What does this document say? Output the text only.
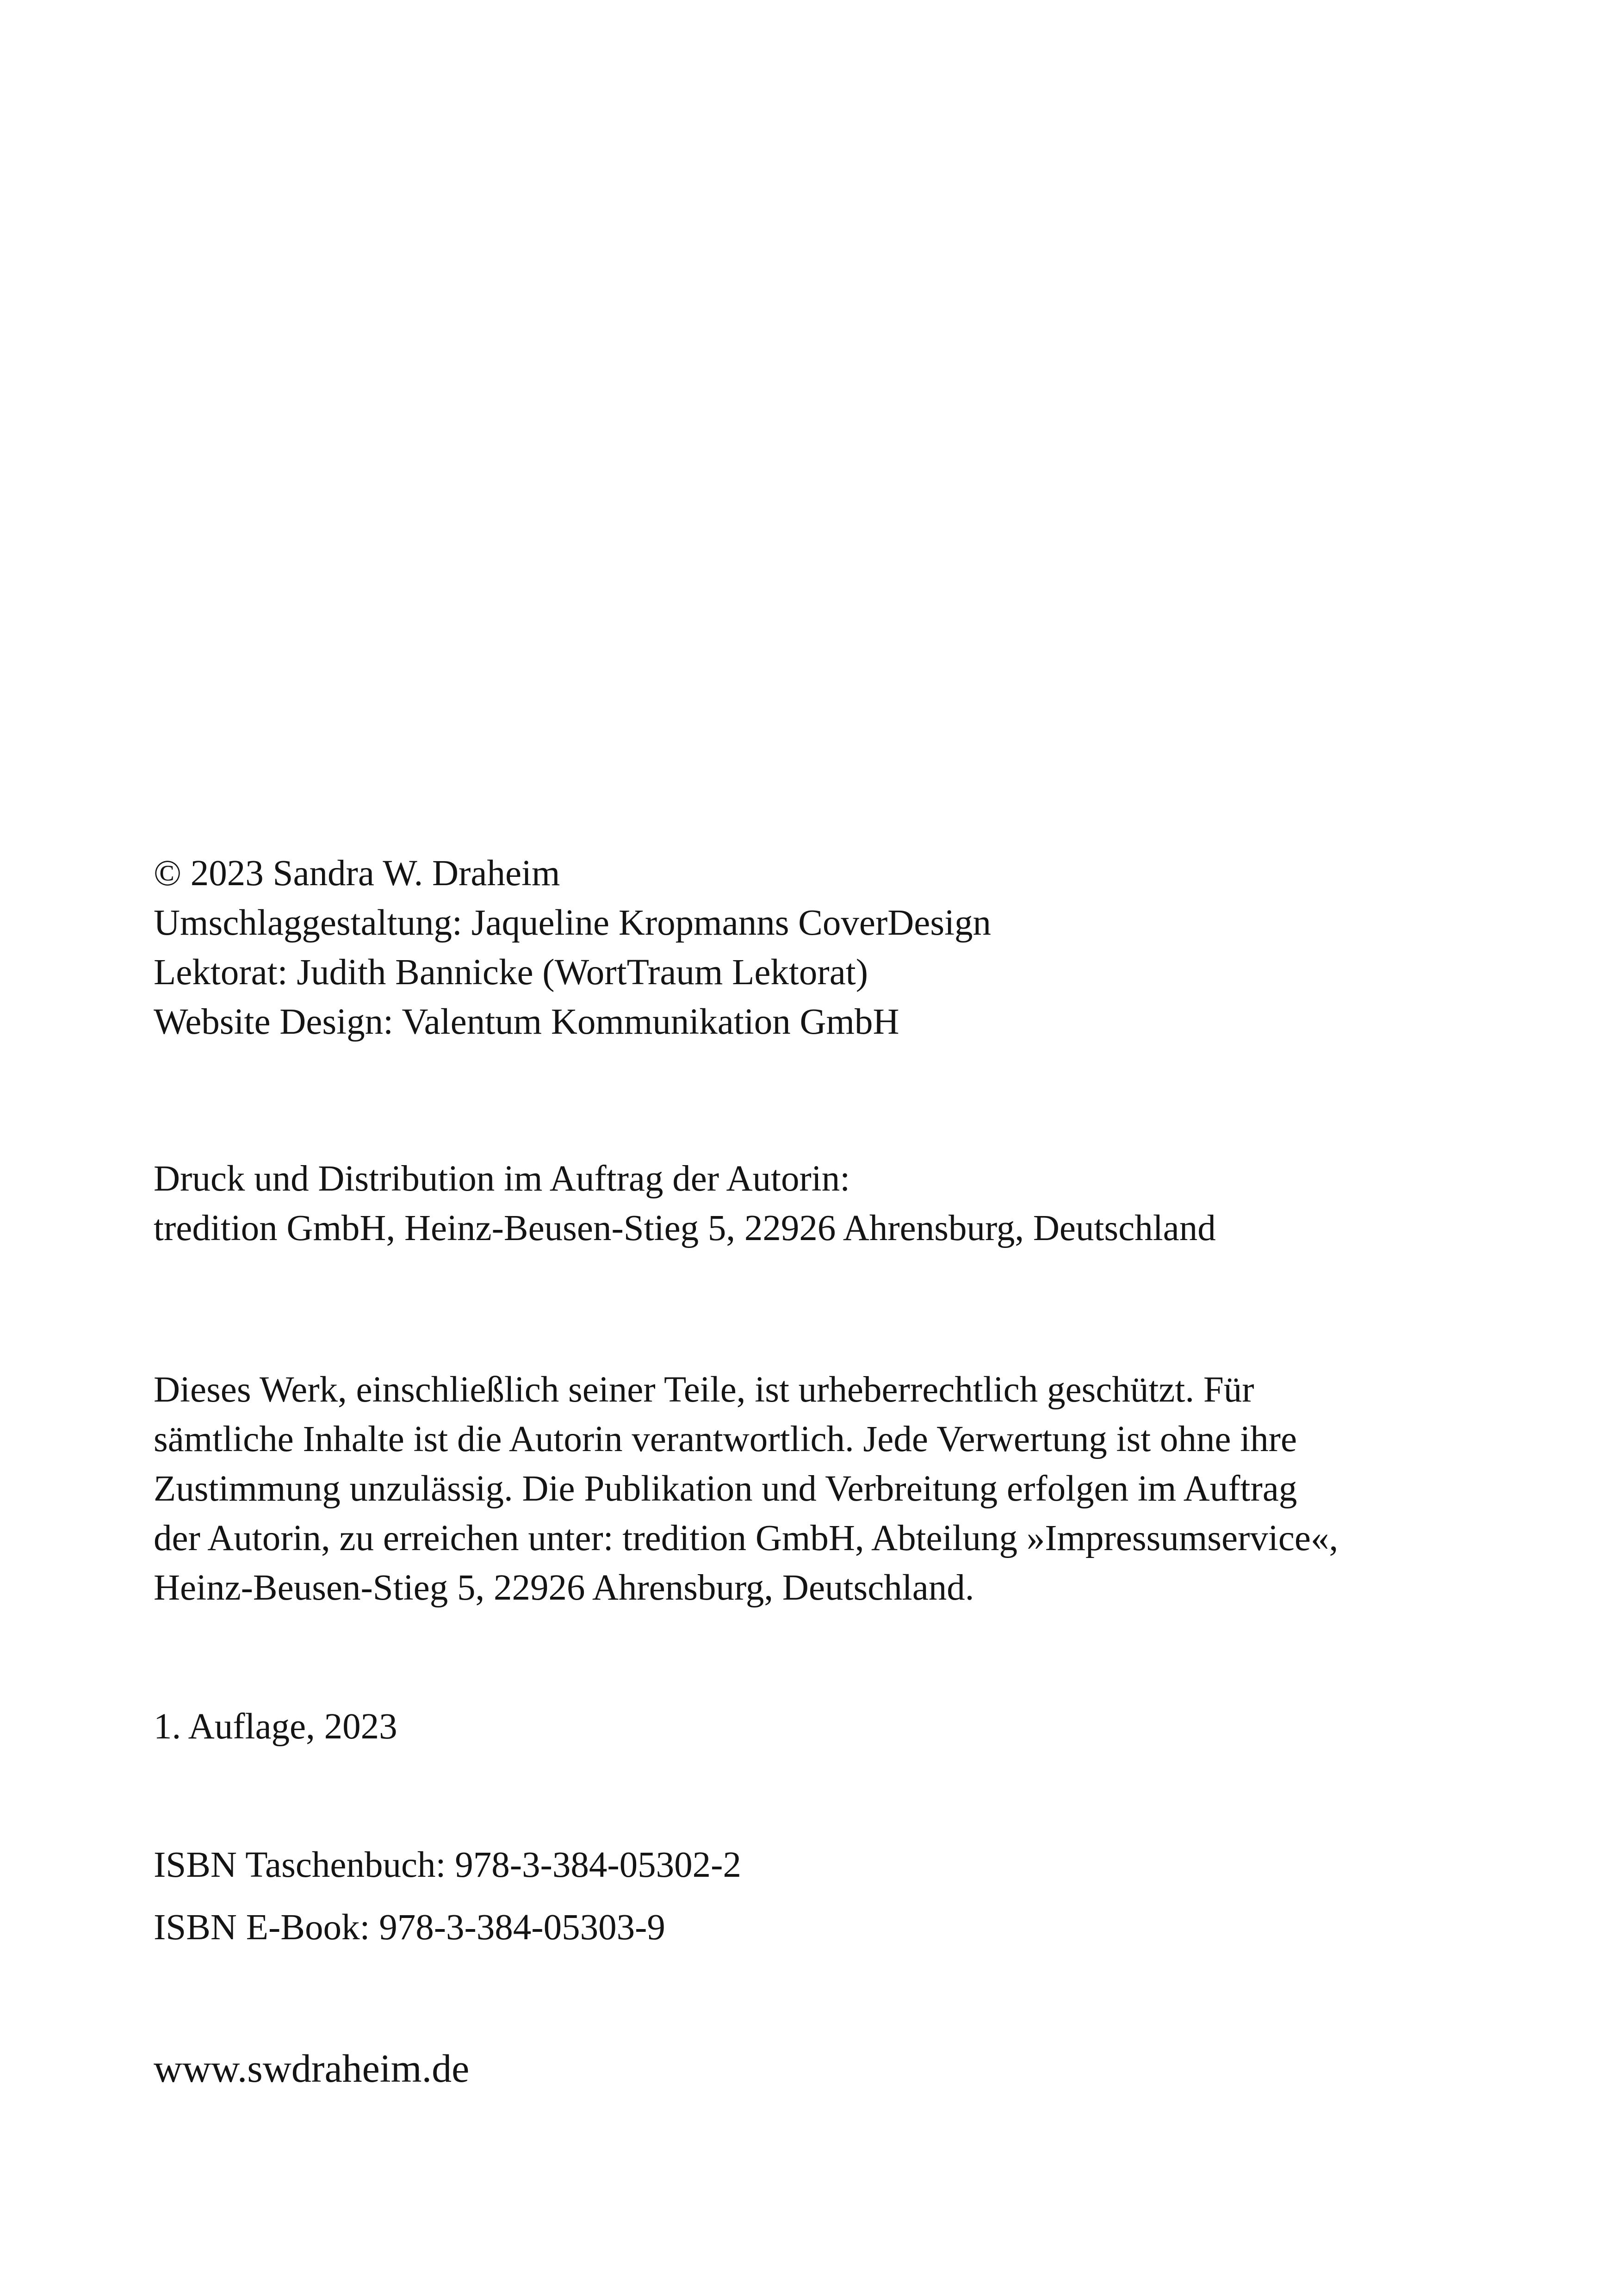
© 2023 Sandra W. Draheim
Umschlaggestaltung: Jaqueline Kropmanns CoverDesign
Lektorat: Judith Bannicke (WortTraum Lektorat)
Website Design: Valentum Kommunikation GmbH
Druck und Distribution im Auftrag der Autorin:
tredition GmbH, Heinz-Beusen-Stieg 5, 22926 Ahrensburg, Deutschland
Dieses Werk, einschließlich seiner Teile, ist urheberrechtlich geschützt. Für
sämtliche Inhalte ist die Autorin verantwortlich. Jede Verwertung ist ohne ihre
Zustimmung unzulässig. Die Publikation und Verbreitung erfolgen im Auftrag
der Autorin, zu erreichen unter: tredition GmbH, Abteilung »Impressumservice«,
Heinz-Beusen-Stieg 5, 22926 Ahrensburg, Deutschland.
1. Auflage, 2023
ISBN Taschenbuch: 978-3-384-05302-2
ISBN E-Book: 978-3-384-05303-9
www.swdraheim.de
